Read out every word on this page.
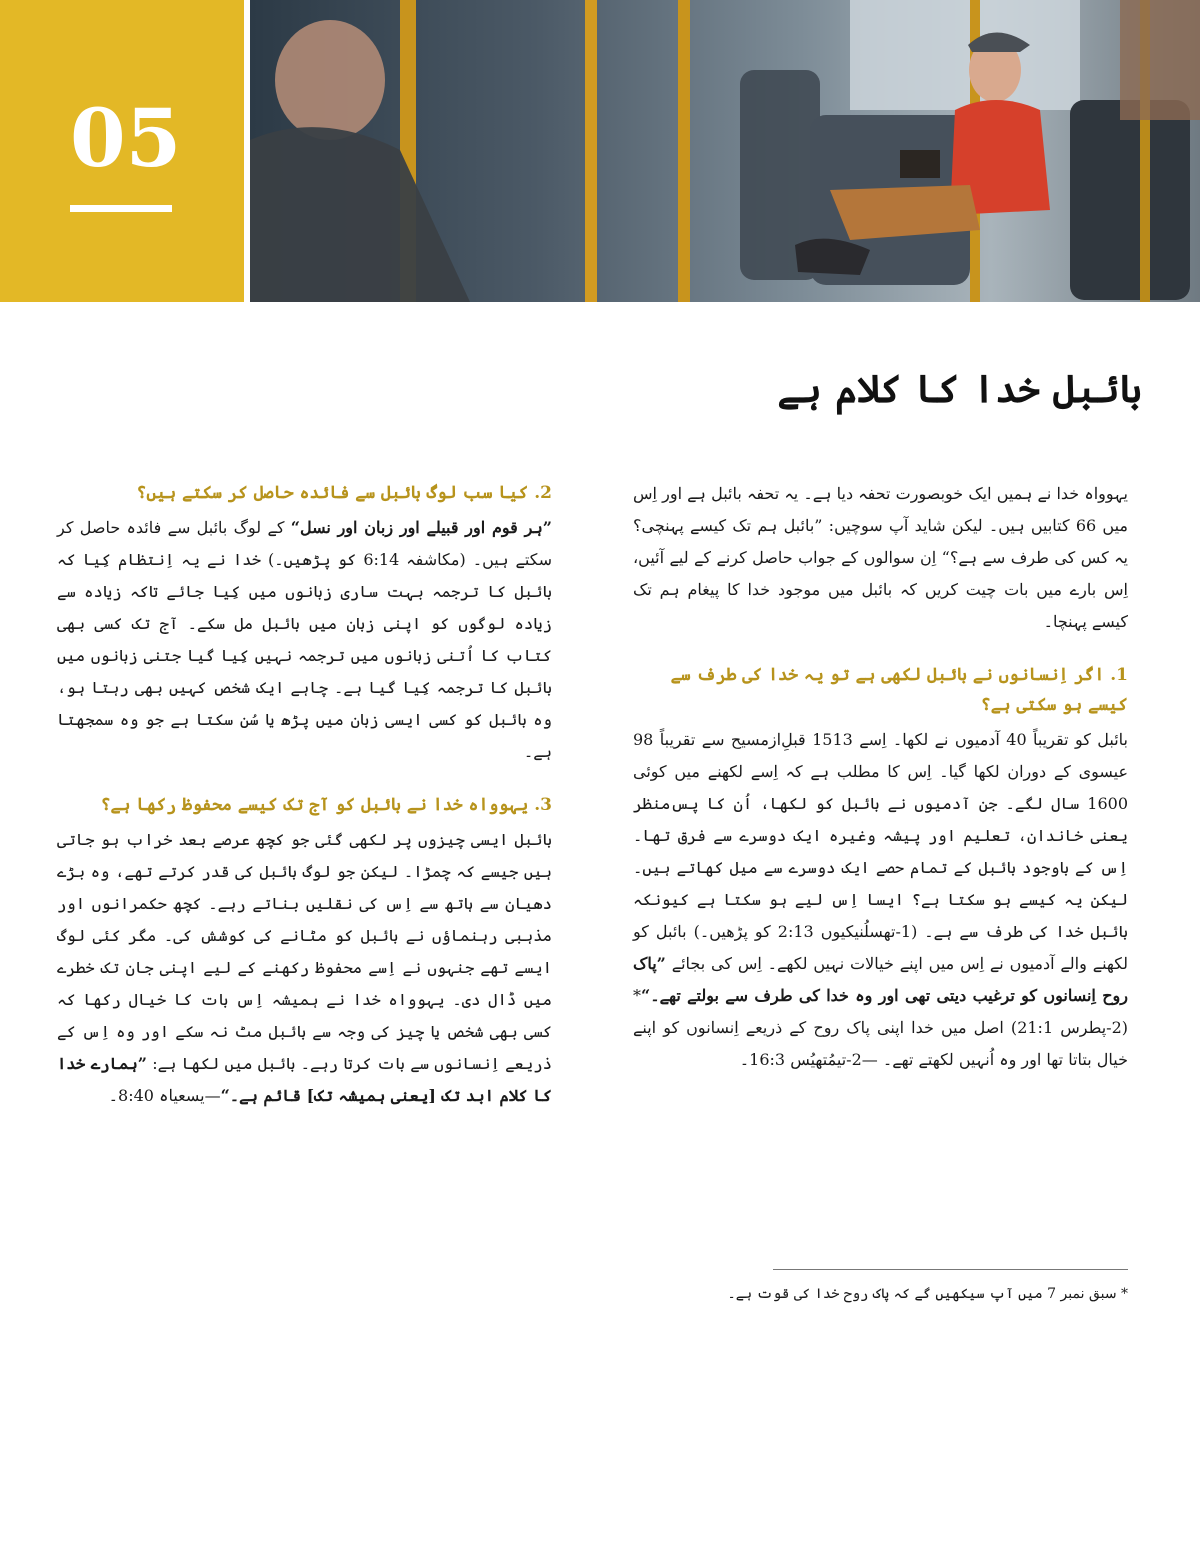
05
بائبل خدا کا کلام ہے

یہوواہ خدا نے ہمیں ایک خوبصورت تحفہ دیا ہے۔ یہ تحفہ بائبل ہے اور اِس میں 66 کتابیں ہیں۔ لیکن شاید آپ سوچیں: ”بائبل ہم تک کیسے پہنچی؟ یہ کس کی طرف سے ہے؟“ اِن سوالوں کے جواب حاصل کرنے کے لیے آئیں، اِس بارے میں بات چیت کریں کہ بائبل میں موجود خدا کا پیغام ہم تک کیسے پہنچا۔

1. اگر اِنسانوں نے بائبل لکھی ہے تو یہ خدا کی طرف سے کیسے ہو سکتی ہے؟

بائبل کو تقریباً 40 آدمیوں نے لکھا۔ اِسے 1513 قبلِ‌ازمسیح سے تقریباً 98 عیسوی کے دوران لکھا گیا۔ اِس کا مطلب ہے کہ اِسے لکھنے میں کوئی 1600 سال لگے۔ جن آدمیوں نے بائبل کو لکھا، اُن کا پس‌منظر یعنی خاندان، تعلیم اور پیشہ وغیرہ ایک دوسرے سے فرق تھا۔ اِس کے باوجود بائبل کے تمام حصے ایک دوسرے سے میل کھاتے ہیں۔ لیکن یہ کیسے ہو سکتا ہے؟ ایسا اِس لیے ہو سکتا ہے کیونکہ بائبل خدا کی طرف سے ہے۔ (1-تھسلُنیکیوں 2:13 کو پڑھیں۔) بائبل کو لکھنے والے آدمیوں نے اِس میں اپنے خیالات نہیں لکھے۔ اِس کی بجائے ”پاک روح اِنسانوں کو ترغیب دیتی تھی اور وہ خدا کی طرف سے بولتے تھے۔“* (2-پطرس 21:1) اصل میں خدا اپنی پاک روح کے ذریعے اِنسانوں کو اپنے خیال بتاتا تھا اور وہ اُنہیں لکھتے تھے۔ —2-تیمُتھیُس 16:3۔

2. کیا سب لوگ بائبل سے فائدہ حاصل کر سکتے ہیں؟

”ہر قوم اور قبیلے اور زبان اور نسل“ کے لوگ بائبل سے فائدہ حاصل کر سکتے ہیں۔ (مکاشفہ 6:14 کو پڑھیں۔) خدا نے یہ اِنتظام کِیا کہ بائبل کا ترجمہ بہت ساری زبانوں میں کِیا جائے تاکہ زیادہ سے زیادہ لوگوں کو اپنی زبان میں بائبل مل سکے۔ آج تک کسی بھی کتاب کا اُتنی زبانوں میں ترجمہ نہیں کِیا گیا جتنی زبانوں میں بائبل کا ترجمہ کِیا گیا ہے۔ چاہے ایک شخص کہیں بھی رہتا ہو، وہ بائبل کو کسی ایسی زبان میں پڑھ یا سُن سکتا ہے جو وہ سمجھتا ہے۔

3. یہوواہ خدا نے بائبل کو آج تک کیسے محفوظ رکھا ہے؟

بائبل ایسی چیزوں پر لکھی گئی جو کچھ عرصے بعد خراب ہو جاتی ہیں جیسے کہ چمڑا۔ لیکن جو لوگ بائبل کی قدر کرتے تھے، وہ بڑے دھیان سے ہاتھ سے اِس کی نقلیں بناتے رہے۔ کچھ حکمرانوں اور مذہبی رہنماؤں نے بائبل کو مٹانے کی کوشش کی۔ مگر کئی لوگ ایسے تھے جنہوں نے اِسے محفوظ رکھنے کے لیے اپنی جان تک خطرے میں ڈال دی۔ یہوواہ خدا نے ہمیشہ اِس بات کا خیال رکھا کہ کسی بھی شخص یا چیز کی وجہ سے بائبل مٹ نہ سکے اور وہ اِس کے ذریعے اِنسانوں سے بات کرتا رہے۔ بائبل میں لکھا ہے: ”ہمارے خدا کا کلام ابد تک [یعنی ہمیشہ تک] قائم ہے۔“—یسعیاہ 8:40۔

* سبق نمبر 7 میں آپ سیکھیں گے کہ پاک روح خدا کی قوت ہے۔
